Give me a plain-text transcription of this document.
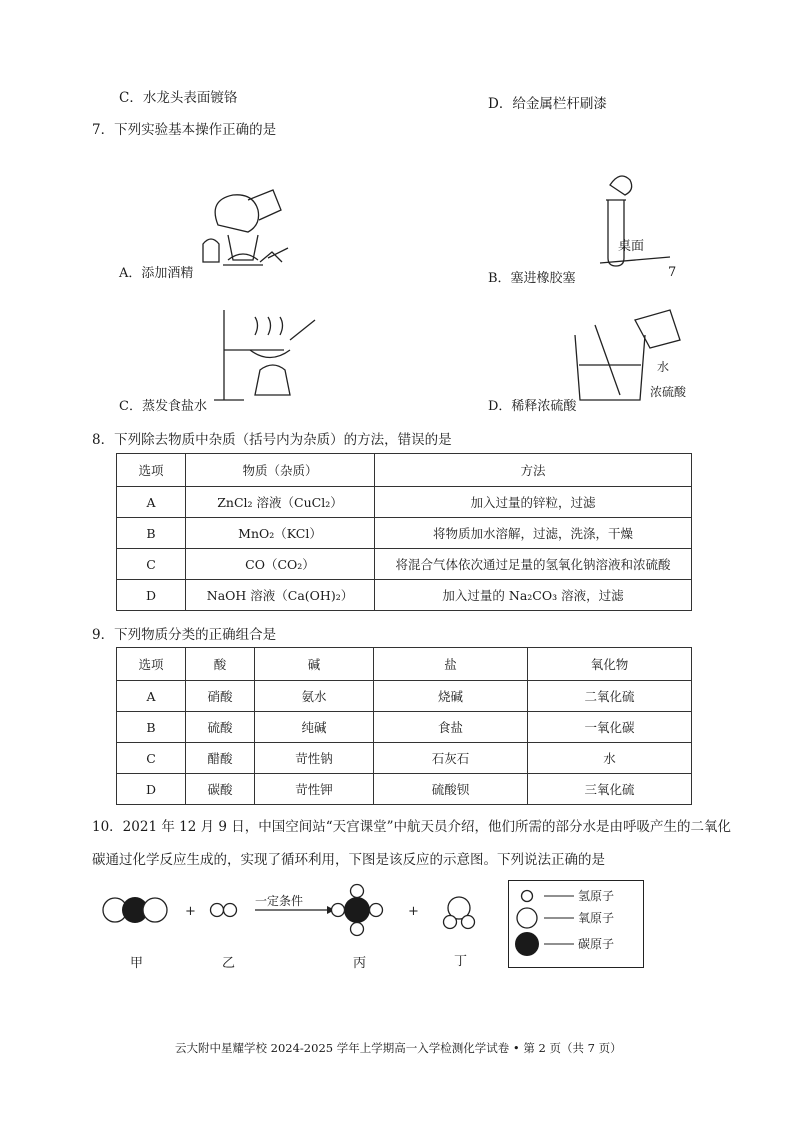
C．水龙头表面镀铬	D．给金属栏杆刷漆
7．下列实验基本操作正确的是
A．添加酒精
桌面
B．塞进橡胶塞	7
C．蒸发食盐水
水
浓硫酸
D．稀释浓硫酸
8．下列除去物质中杂质（括号内为杂质）的方法，错误的是
选项	物质（杂质）	方法
A	ZnCl₂ 溶液（CuCl₂）	加入过量的锌粒，过滤
B	MnO₂（KCl）	将物质加水溶解，过滤，洗涤，干燥
C	CO（CO₂）	将混合气体依次通过足量的氢氧化钠溶液和浓硫酸
D	NaOH 溶液（Ca(OH)₂）	加入过量的 Na₂CO₃ 溶液，过滤
9．下列物质分类的正确组合是
选项	酸	碱	盐	氧化物
A	硝酸	氨水	烧碱	二氧化硫
B	硫酸	纯碱	食盐	一氧化碳
C	醋酸	苛性钠	石灰石	水
D	碳酸	苛性钾	硫酸钡	三氧化硫
10．2021 年 12 月 9 日，中国空间站“天宫课堂”中航天员介绍，他们所需的部分水是由呼吸产生的二氧化
碳通过化学反应生成的，实现了循环利用，下图是该反应的示意图。下列说法正确的是
+	+
一定条件
甲	乙	丙	丁
氢原子
氧原子
碳原子
云大附中星耀学校 2024-2025 学年上学期高一入学检测化学试卷 • 第 2 页（共 7 页）
